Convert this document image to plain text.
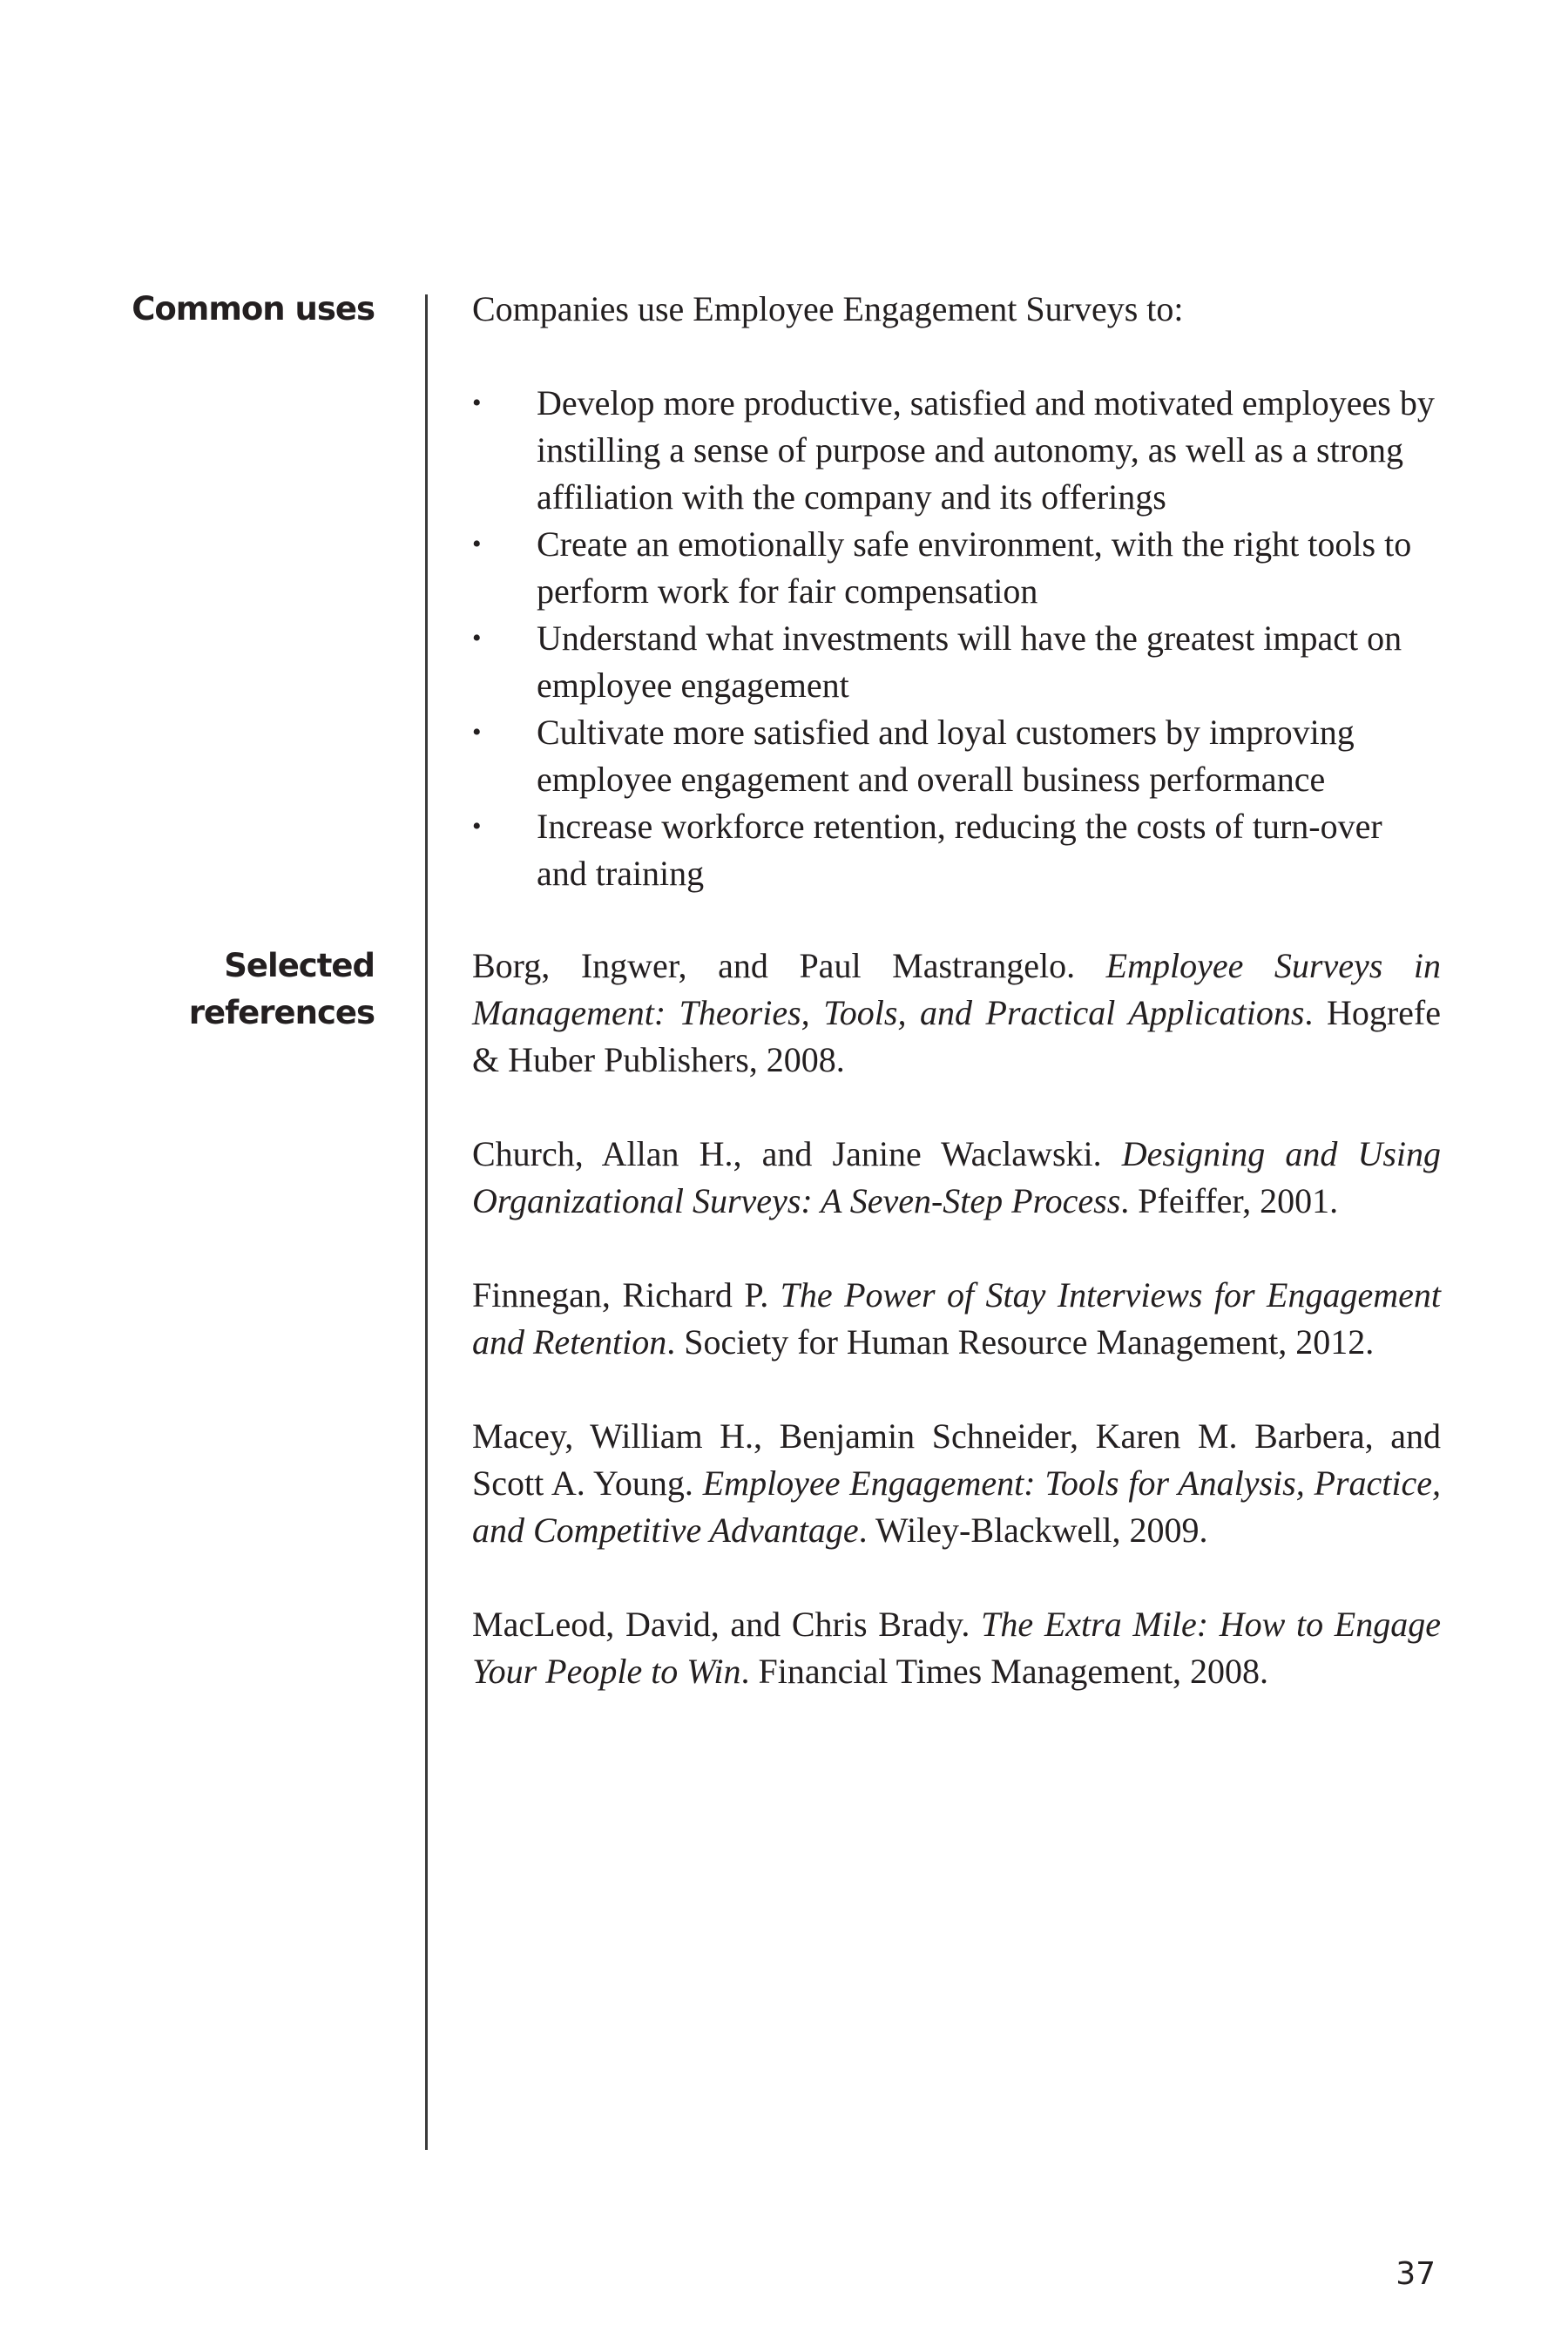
Common uses
Selected
references
Companies use Employee Engagement Surveys to:
• Develop more productive, satisfied and motivated employees by instilling a sense of purpose and autonomy, as well as a strong affiliation with the company and its offerings
• Create an emotionally safe environment, with the right tools to perform work for fair compensation
• Understand what investments will have the greatest impact on employee engagement
• Cultivate more satisfied and loyal customers by improving employee engagement and overall business performance
• Increase workforce retention, reducing the costs of turn-over and training

Borg, Ingwer, and Paul Mastrangelo. Employee Surveys in Management: Theories, Tools, and Practical Applications. Hogrefe & Huber Publishers, 2008.

Church, Allan H., and Janine Waclawski. Designing and Using Organizational Surveys: A Seven-Step Process. Pfeiffer, 2001.

Finnegan, Richard P. The Power of Stay Interviews for Engagement and Retention. Society for Human Resource Management, 2012.

Macey, William H., Benjamin Schneider, Karen M. Barbera, and Scott A. Young. Employee Engagement: Tools for Analysis, Practice, and Competitive Advantage. Wiley-Blackwell, 2009.

MacLeod, David, and Chris Brady. The Extra Mile: How to Engage Your People to Win. Financial Times Management, 2008.

37
